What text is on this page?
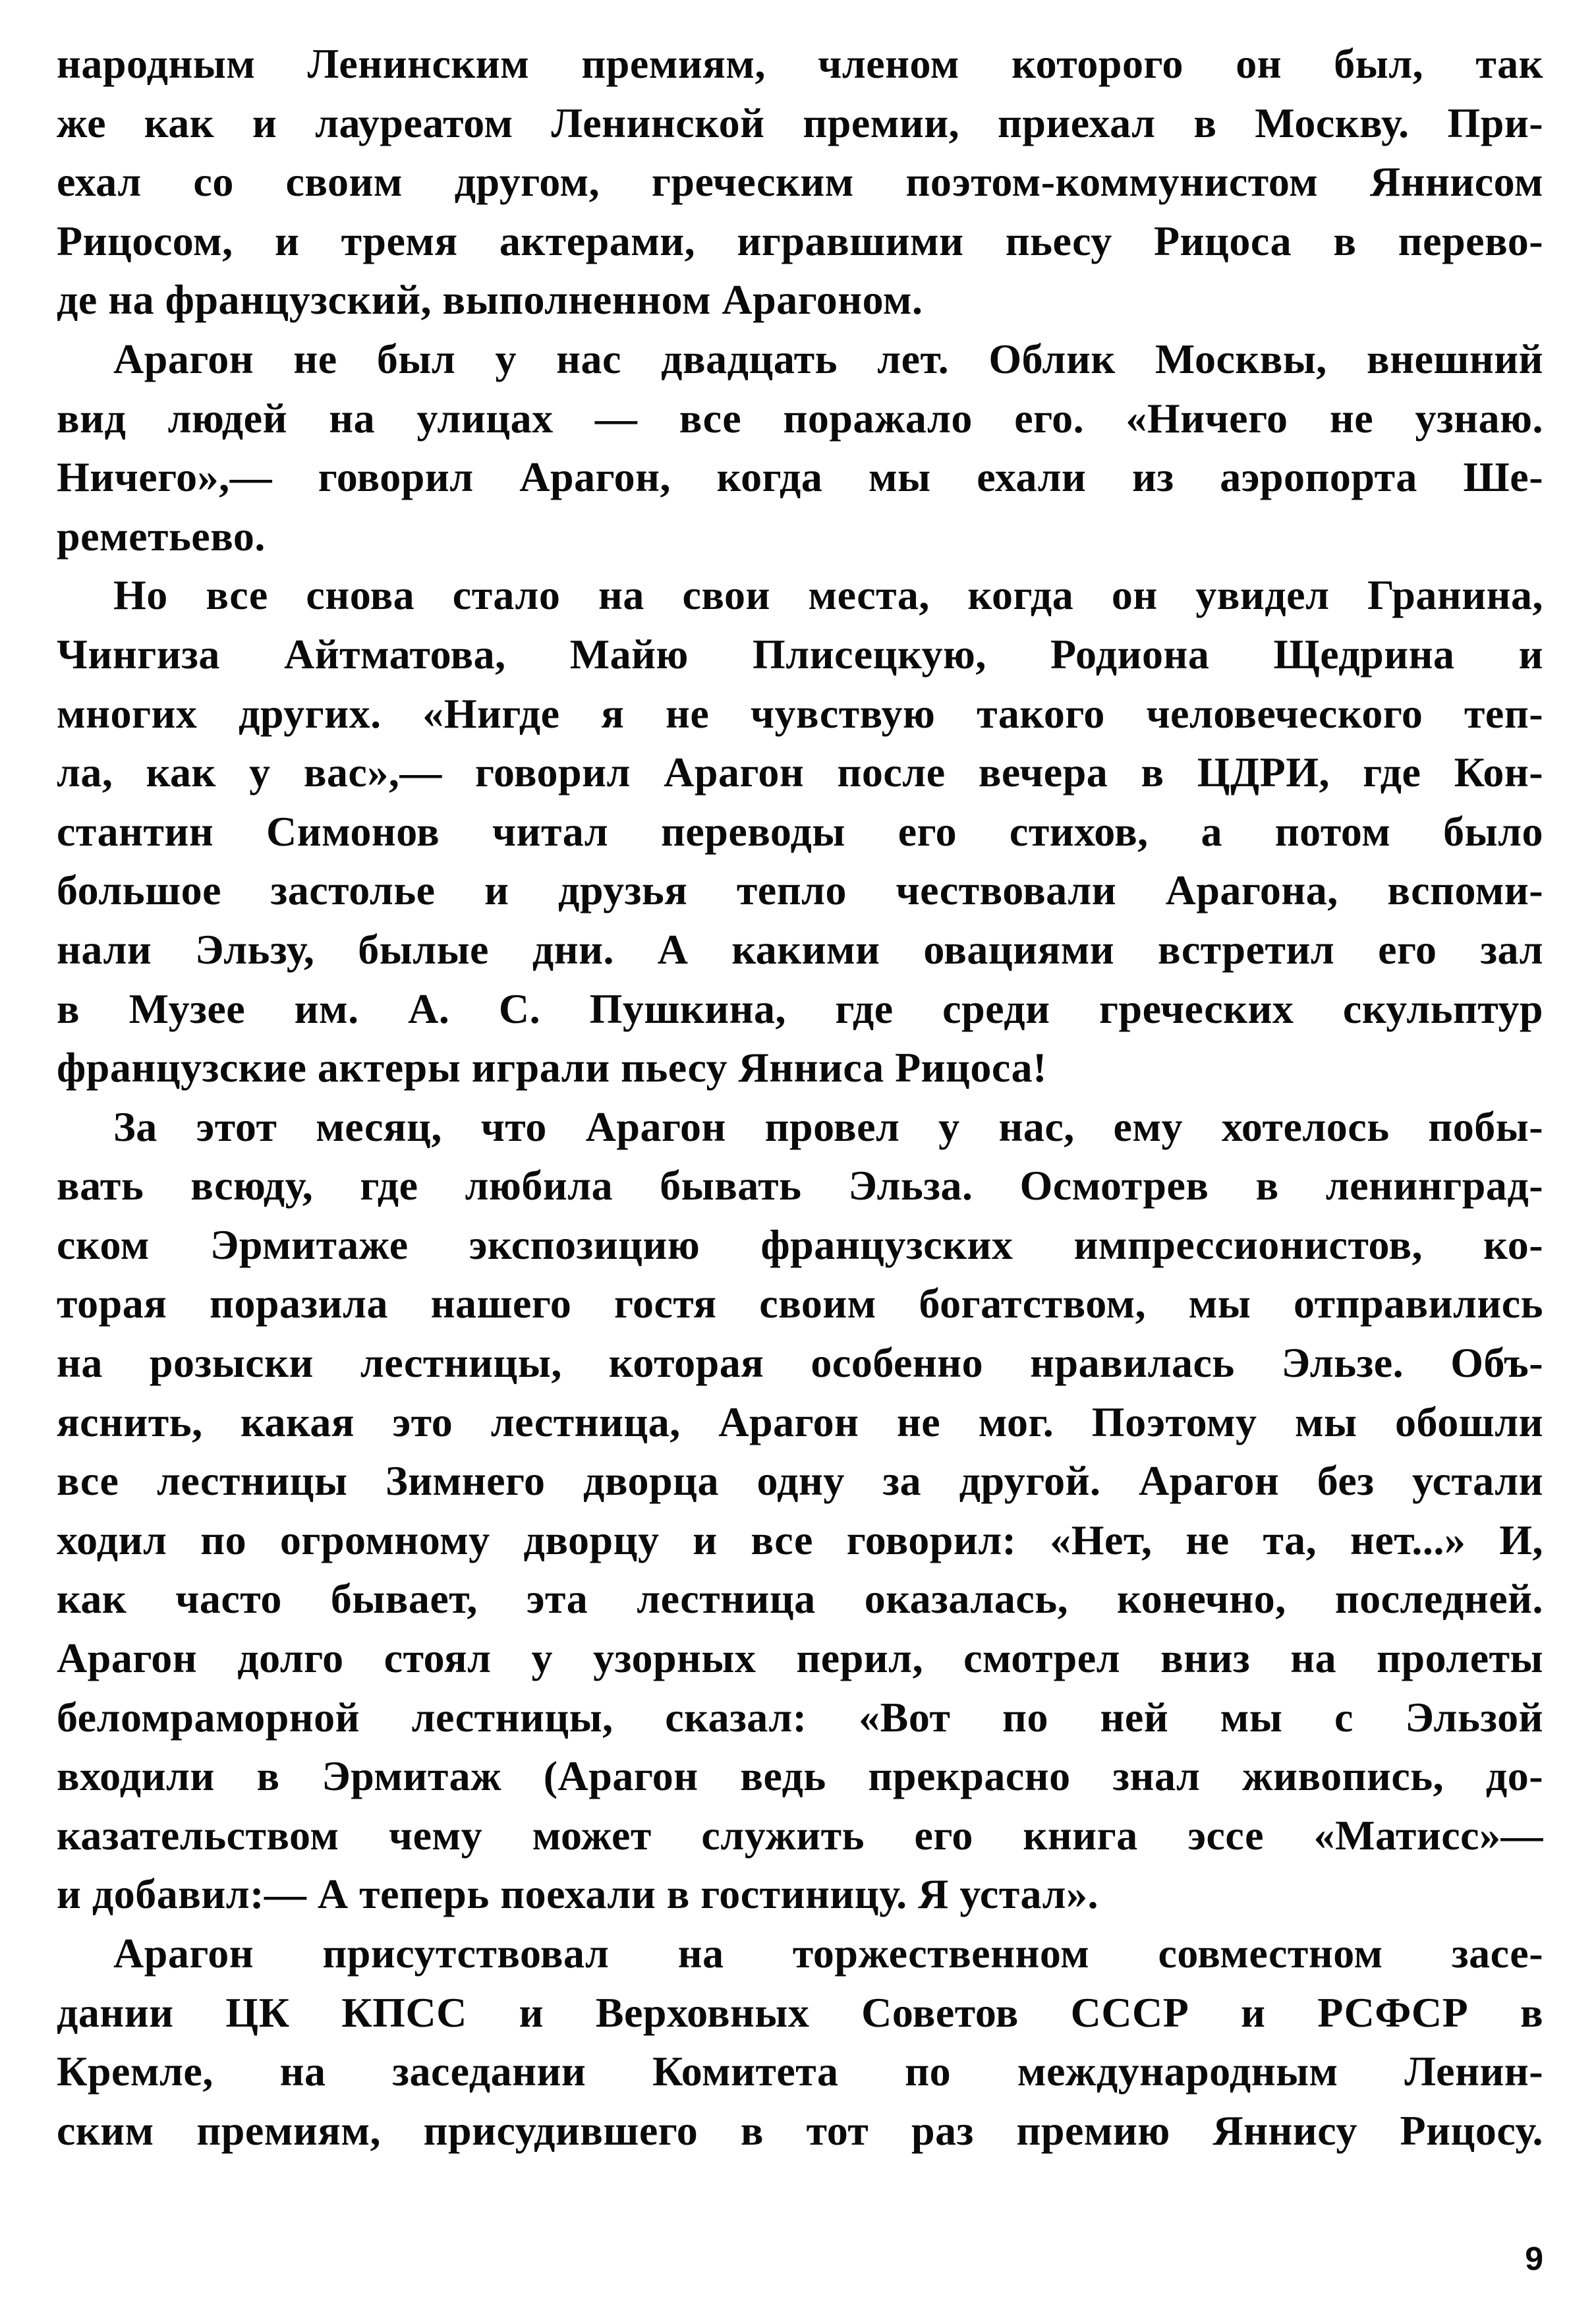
народным Ленинским премиям, членом которого он был, так
же как и лауреатом Ленинской премии, приехал в Москву. При-
ехал со своим другом, греческим поэтом-коммунистом Яннисом
Рицосом, и тремя актерами, игравшими пьесу Рицоса в перево-
де на французский, выполненном Арагоном.
Арагон не был у нас двадцать лет. Облик Москвы, внешний
вид людей на улицах — все поражало его. «Ничего не узнаю.
Ничего»,— говорил Арагон, когда мы ехали из аэропорта Ше-
реметьево.
Но все снова стало на свои места, когда он увидел Гранина,
Чингиза Айтматова, Майю Плисецкую, Родиона Щедрина и
многих других. «Нигде я не чувствую такого человеческого теп-
ла, как у вас»,— говорил Арагон после вечера в ЦДРИ, где Кон-
стантин Симонов читал переводы его стихов, а потом было
большое застолье и друзья тепло чествовали Арагона, вспоми-
нали Эльзу, былые дни. А какими овациями встретил его зал
в Музее им. А. С. Пушкина, где среди греческих скульптур
французские актеры играли пьесу Янниса Рицоса!
За этот месяц, что Арагон провел у нас, ему хотелось побы-
вать всюду, где любила бывать Эльза. Осмотрев в ленинград-
ском Эрмитаже экспозицию французских импрессионистов, ко-
торая поразила нашего гостя своим богатством, мы отправились
на розыски лестницы, которая особенно нравилась Эльзе. Объ-
яснить, какая это лестница, Арагон не мог. Поэтому мы обошли
все лестницы Зимнего дворца одну за другой. Арагон без устали
ходил по огромному дворцу и все говорил: «Нет, не та, нет...» И,
как часто бывает, эта лестница оказалась, конечно, последней.
Арагон долго стоял у узорных перил, смотрел вниз на пролеты
беломраморной лестницы, сказал: «Вот по ней мы с Эльзой
входили в Эрмитаж (Арагон ведь прекрасно знал живопись, до-
казательством чему может служить его книга эссе «Матисс»—
и добавил:— А теперь поехали в гостиницу. Я устал».
Арагон присутствовал на торжественном совместном засе-
дании ЦК КПСС и Верховных Советов СССР и РСФСР в
Кремле, на заседании Комитета по международным Ленин-
ским премиям, присудившего в тот раз премию Яннису Рицосу.
9
